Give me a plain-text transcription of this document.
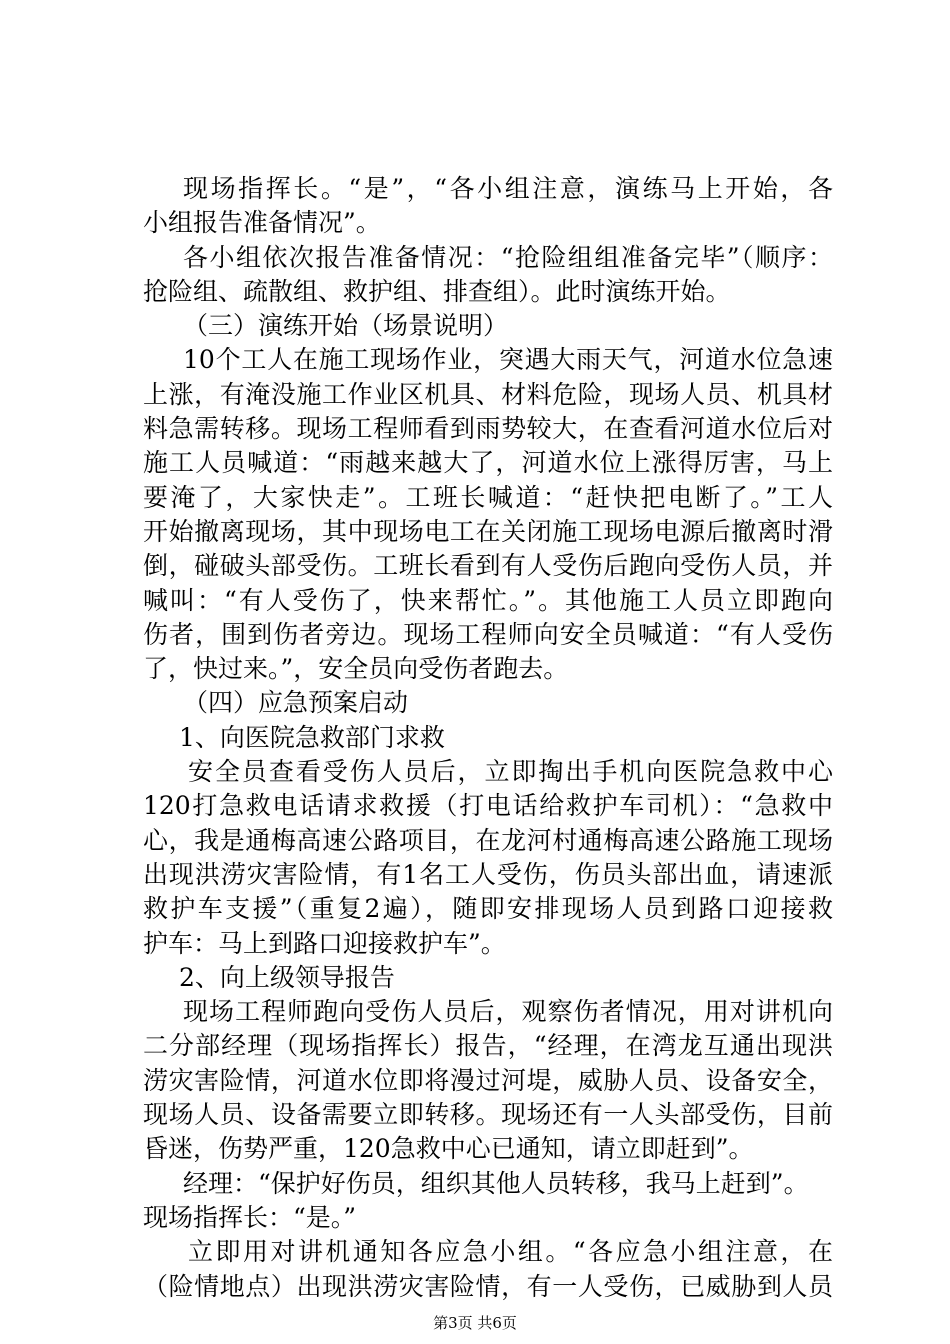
现场指挥长。“是”，“各小组注意，演练马上开始，各
小组报告准备情况”。
各小组依次报告准备情况：“抢险组组准备完毕”（顺序：
抢险组、疏散组、救护组、排查组）。此时演练开始。
（三）演练开始（场景说明）
10个工人在施工现场作业，突遇大雨天气，河道水位急速
上涨，有淹没施工作业区机具、材料危险，现场人员、机具材
料急需转移。现场工程师看到雨势较大，在查看河道水位后对
施工人员喊道：“雨越来越大了，河道水位上涨得厉害，马上
要淹了，大家快走”。工班长喊道：“赶快把电断了。”工人
开始撤离现场，其中现场电工在关闭施工现场电源后撤离时滑
倒，碰破头部受伤。工班长看到有人受伤后跑向受伤人员，并
喊叫：“有人受伤了，快来帮忙。”。其他施工人员立即跑向
伤者，围到伤者旁边。现场工程师向安全员喊道：“有人受伤
了，快过来。”，安全员向受伤者跑去。
（四）应急预案启动
1、向医院急救部门求救
安全员查看受伤人员后，立即掏出手机向医院急救中心
120打急救电话请求救援（打电话给救护车司机）：“急救中
心，我是通梅高速公路项目，在龙河村通梅高速公路施工现场
出现洪涝灾害险情，有1名工人受伤，伤员头部出血，请速派
救护车支援”（重复2遍），随即安排现场人员到路口迎接救
护车：马上到路口迎接救护车”。
2、向上级领导报告
现场工程师跑向受伤人员后，观察伤者情况，用对讲机向
二分部经理（现场指挥长）报告，“经理，在湾龙互通出现洪
涝灾害险情，河道水位即将漫过河堤，威胁人员、设备安全，
现场人员、设备需要立即转移。现场还有一人头部受伤，目前
昏迷，伤势严重，120急救中心已通知，请立即赶到”。
经理：“保护好伤员，组织其他人员转移，我马上赶到”。
现场指挥长：“是。”
立即用对讲机通知各应急小组。“各应急小组注意，在
（险情地点）出现洪涝灾害险情，有一人受伤，已威胁到人员
第3页 共6页
